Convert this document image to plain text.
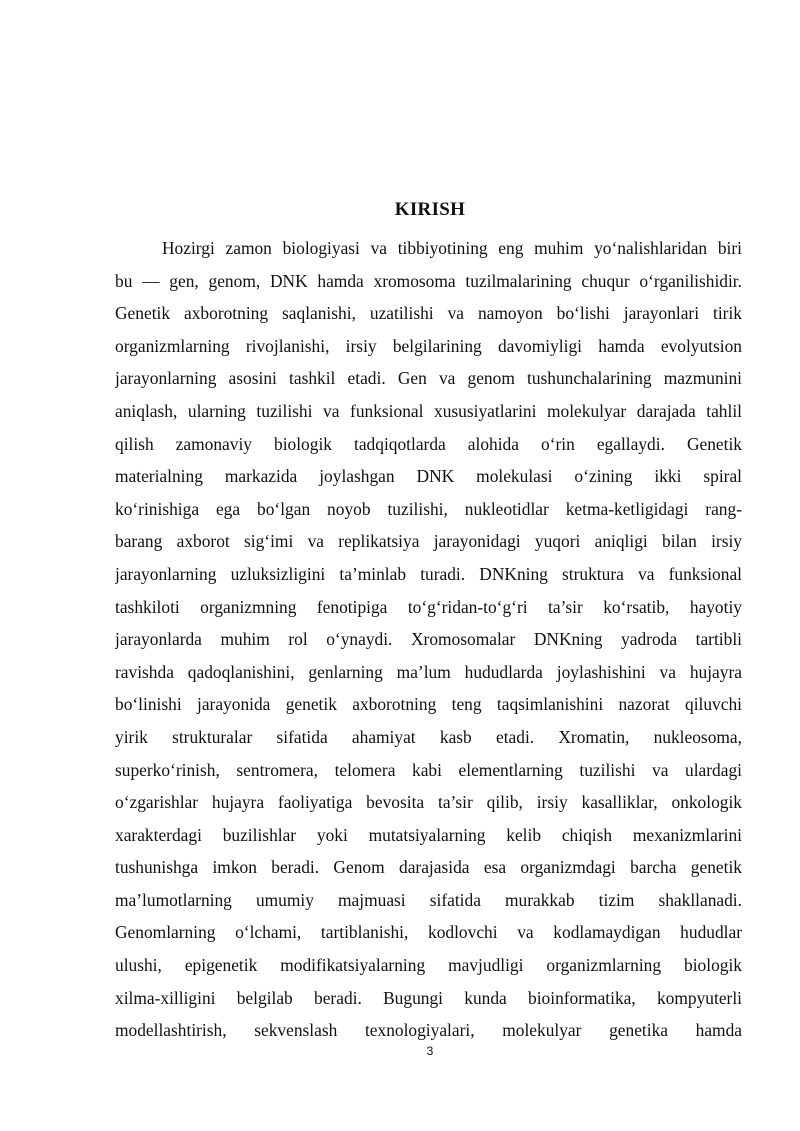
KIRISH
Hozirgi zamon biologiyasi va tibbiyotining eng muhim yo‘nalishlaridan biri
bu — gen, genom, DNK hamda xromosoma tuzilmalarining chuqur o‘rganilishidir.
Genetik axborotning saqlanishi, uzatilishi va namoyon bo‘lishi jarayonlari tirik
organizmlarning rivojlanishi, irsiy belgilarining davomiyligi hamda evolyutsion
jarayonlarning asosini tashkil etadi. Gen va genom tushunchalarining mazmunini
aniqlash, ularning tuzilishi va funksional xususiyatlarini molekulyar darajada tahlil
qilish zamonaviy biologik tadqiqotlarda alohida o‘rin egallaydi. Genetik
materialning markazida joylashgan DNK molekulasi o‘zining ikki spiral
ko‘rinishiga ega bo‘lgan noyob tuzilishi, nukleotidlar ketma-ketligidagi rang-
barang axborot sig‘imi va replikatsiya jarayonidagi yuqori aniqligi bilan irsiy
jarayonlarning uzluksizligini ta’minlab turadi. DNKning struktura va funksional
tashkiloti organizmning fenotipiga to‘g‘ridan-to‘g‘ri ta’sir ko‘rsatib, hayotiy
jarayonlarda muhim rol o‘ynaydi. Xromosomalar DNKning yadroda tartibli
ravishda qadoqlanishini, genlarning ma’lum hududlarda joylashishini va hujayra
bo‘linishi jarayonida genetik axborotning teng taqsimlanishini nazorat qiluvchi
yirik strukturalar sifatida ahamiyat kasb etadi. Xromatin, nukleosoma,
superko‘rinish, sentromera, telomera kabi elementlarning tuzilishi va ulardagi
o‘zgarishlar hujayra faoliyatiga bevosita ta’sir qilib, irsiy kasalliklar, onkologik
xarakterdagi buzilishlar yoki mutatsiyalarning kelib chiqish mexanizmlarini
tushunishga imkon beradi. Genom darajasida esa organizmdagi barcha genetik
ma’lumotlarning umumiy majmuasi sifatida murakkab tizim shakllanadi.
Genomlarning o‘lchami, tartiblanishi, kodlovchi va kodlamaydigan hududlar
ulushi, epigenetik modifikatsiyalarning mavjudligi organizmlarning biologik
xilma-xilligini belgilab beradi. Bugungi kunda bioinformatika, kompyuterli
modellashtirish, sekvenslash texnologiyalari, molekulyar genetika hamda
3
